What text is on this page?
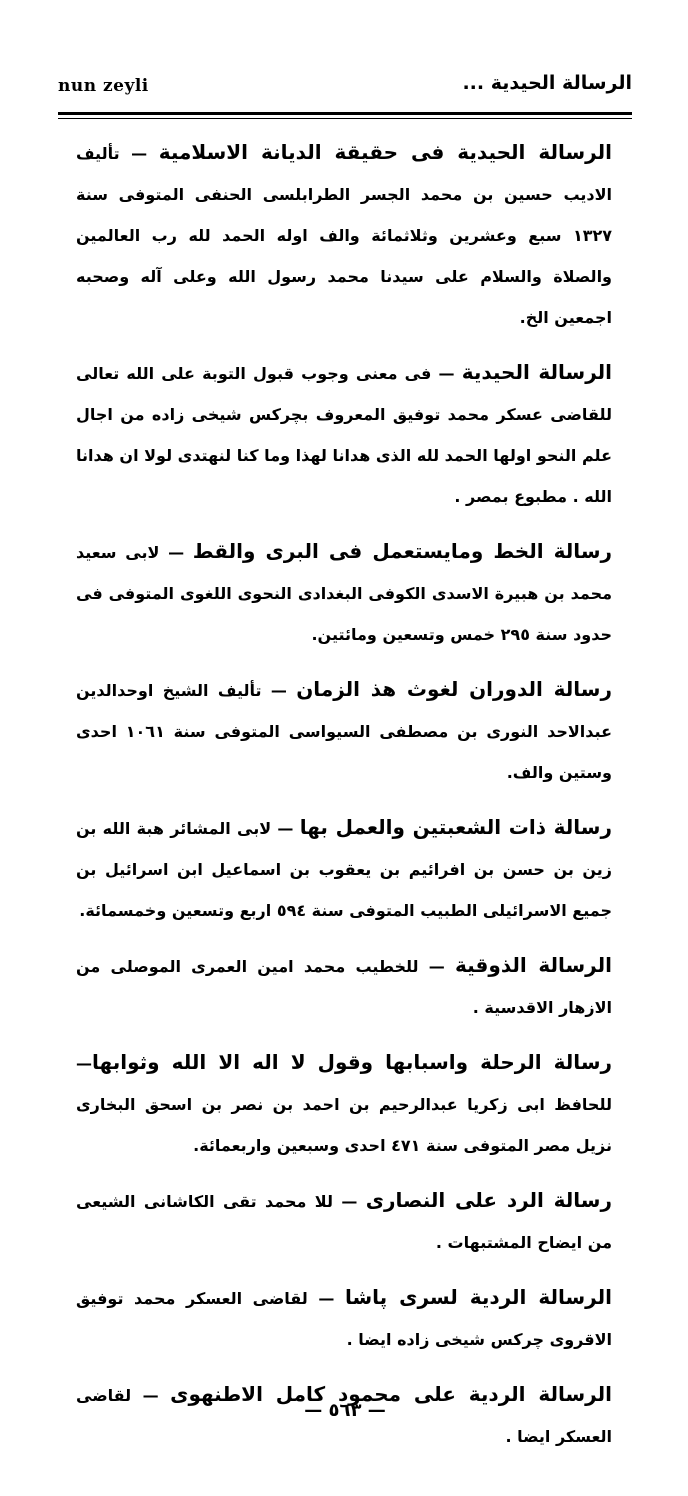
nun zeyli	الرسالة الحيدية ...

الرسالة الحيدية فى حقيقة الديانة الاسلامية — تأليف الاديب حسين بن محمد الجسر الطرابلسى الحنفى المتوفى سنة ١٣٢٧ سبع وعشرين وثلاثمائة والف اوله الحمد لله رب العالمين والصلاة والسلام على سيدنا محمد رسول الله وعلى آله وصحبه اجمعين الخ.

الرسالة الحيدية — فى معنى وجوب قبول التوبة على الله تعالى للقاضى عسكر محمد توفيق المعروف بچركس شيخى زاده من اجال علم النحو اولها الحمد لله الذى هدانا لهذا وما كنا لنهتدى لولا ان هدانا الله . مطبوع بمصر .

رسالة الخط ومايستعمل فى البرى والقط — لابى سعيد محمد بن هبيرة الاسدى الكوفى البغدادى النحوى اللغوى المتوفى فى حدود سنة ٢٩٥ خمس وتسعين ومائتين.

رسالة الدوران لغوث هذ الزمان — تأليف الشيخ اوحدالدين عبدالاحد النورى بن مصطفى السيواسى المتوفى سنة ١٠٦١ احدى وستين والف.

رسالة ذات الشعبتين والعمل بها — لابى المشائر هبة الله بن زين بن حسن بن افرائيم بن يعقوب بن اسماعيل ابن اسرائيل بن جميع الاسرائيلى الطبيب المتوفى سنة ٥٩٤ اربع وتسعين وخمسمائة.

الرسالة الذوقية — للخطيب محمد امين العمرى الموصلى من الازهار الاقدسية .

رسالة الرحلة واسبابها وقول لا اله الا الله وثوابها— للحافظ ابى زكريا عبدالرحيم بن احمد بن نصر بن اسحق البخارى نزيل مصر المتوفى سنة ٤٧١ احدى وسبعين واربعمائة.

رسالة الرد على النصارى — للا محمد تقى الكاشانى الشيعى من ايضاح المشتبهات .

الرسالة الردية لسرى پاشا — لقاضى العسكر محمد توفيق الاقروى چركس شيخى زاده ايضا .

الرسالة الردية على محمود كامل الاطنهوى — لقاضى العسكر ايضا .

— ٥٦٣ —
